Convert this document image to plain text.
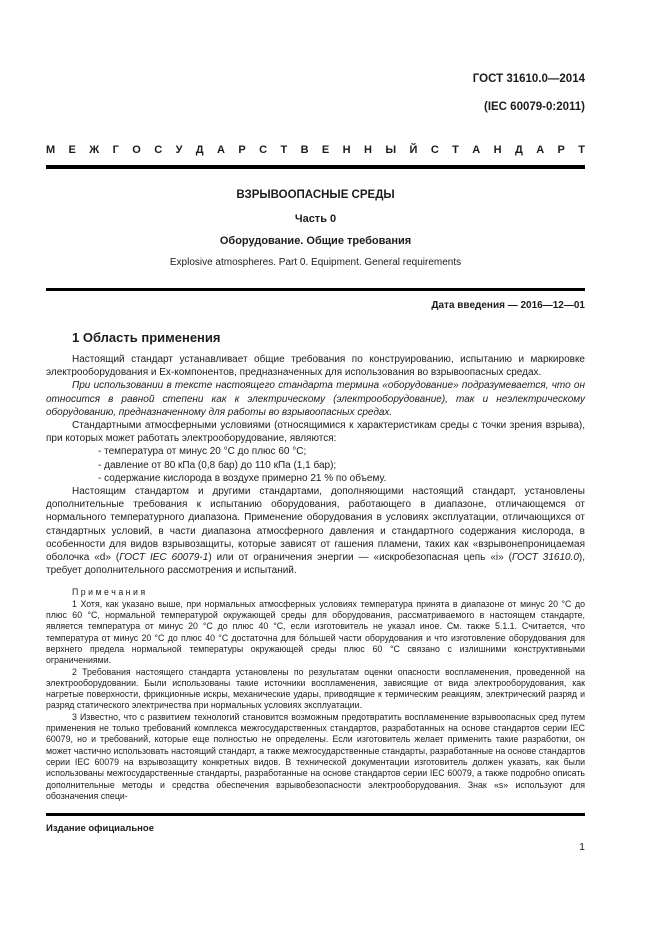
ГОСТ 31610.0—2014

(IEC 60079-0:2011)

М Е Ж Г О С У Д А Р С Т В Е Н Н Ы Й С Т А Н Д А Р Т
ВЗРЫВООПАСНЫЕ СРЕДЫ
Часть 0
Оборудование. Общие требования
Explosive atmospheres. Part 0. Equipment. General requirements
Дата введения — 2016—12—01
1 Область применения

Настоящий стандарт устанавливает общие требования по конструированию, испытанию и маркировке электрооборудования и Ex-компонентов, предназначенных для использования во взрывоопасных средах.

При использовании в тексте настоящего стандарта термина «оборудование» подразумевается, что он относится в равной степени как к электрическому (электрооборудование), так и неэлектрическому оборудованию, предназначенному для работы во взрывоопасных средах.

Стандартными атмосферными условиями (относящимися к характеристикам среды с точки зрения взрыва), при которых может работать электрооборудование, являются:

- температура от минус 20 °С до плюс 60 °С;

- давление от 80 кПа (0,8 бар) до 110 кПа (1,1 бар);

- содержание кислорода в воздухе примерно 21 % по объему.

Настоящим стандартом и другими стандартами, дополняющими настоящий стандарт, установлены дополнительные требования к испытанию оборудования, работающего в диапазоне, отличающемся от нормального температурного диапазона. Применение оборудования в условиях эксплуатации, отличающихся от стандартных условий, в части диапазона атмосферного давления и стандартного содержания кислорода, в особенности для видов взрывозащиты, которые зависят от гашения пламени, таких как «взрывонепроницаемая оболочка «d» (ГОСТ IEC 60079-1) или от ограничения энергии — «искробезопасная цепь «i» (ГОСТ 31610.0), требует дополнительного рассмотрения и испытаний.

П р и м е ч а н и я

1 Хотя, как указано выше, при нормальных атмосферных условиях температура принята в диапазоне от минус 20 °С до плюс 60 °С, нормальной температурой окружающей среды для оборудования, рассматриваемого в настоящем стандарте, является температура от минус 20 °С до плюс 40 °С, если изготовитель не указал иное. См. также 5.1.1. Считается, что температура от минус 20 °С до плюс 40 °С достаточна для бо́льшей части оборудования и что изготовление оборудования для верхнего предела нормальной температуры окружающей среды плюс 60 °С связано с излишними конструктивными ограничениями.

2 Требования настоящего стандарта установлены по результатам оценки опасности воспламенения, проведенной на электрооборудовании. Были использованы такие источники воспламенения, зависящие от вида электрооборудования, как нагретые поверхности, фрикционные искры, механические удары, приводящие к термическим реакциям, электрический разряд и разряд статического электричества при нормальных условиях эксплуатации.

3 Известно, что с развитием технологий становится возможным предотвратить воспламенение взрывоопасных сред путем применения не только требований комплекса межгосударственных стандартов, разработанных на основе стандартов серии IEC 60079, но и требований, которые еще полностью не определены. Если изготовитель желает применить такие разработки, он может частично использовать настоящий стандарт, а также межгосударственные стандарты, разработанные на основе стандартов серии IEC 60079 на взрывозащиту конкретных видов. В технической документации изготовитель должен указать, как были использованы межгосударственные стандарты, разработанные на основе стандартов серии IEC 60079, а также подробно описать дополнительные методы и средства обеспечения взрывобезопасности электрооборудования. Знак «s» используют для обозначения специ-

Издание официальное
1
